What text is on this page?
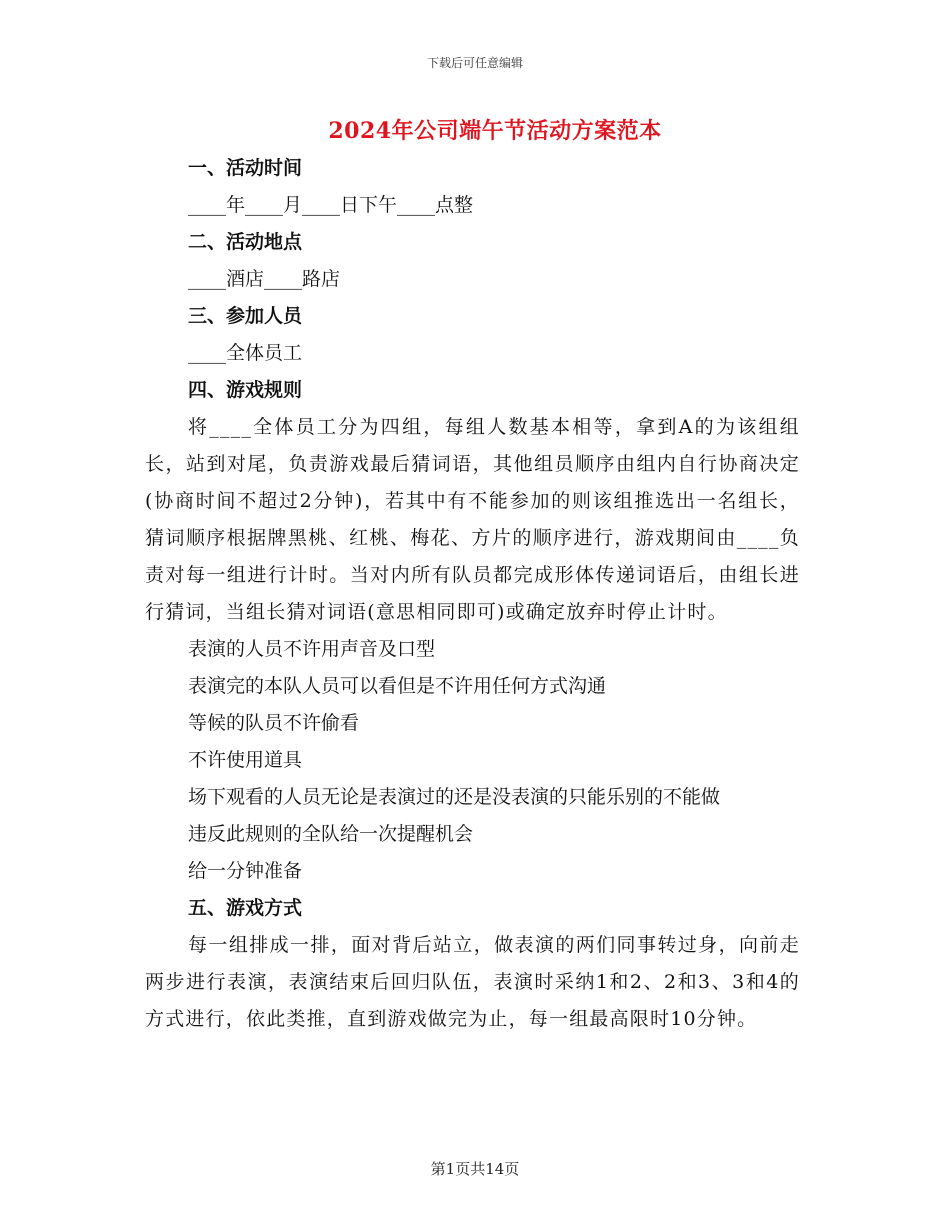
下载后可任意编辑
2024年公司端午节活动方案范本
一、活动时间
____年____月____日下午____点整
二、活动地点
____酒店____路店
三、参加人员
____全体员工
四、游戏规则
将____全体员工分为四组，每组人数基本相等，拿到A的为该组组长，站到对尾，负责游戏最后猜词语，其他组员顺序由组内自行协商决定(协商时间不超过2分钟)，若其中有不能参加的则该组推选出一名组长，猜词顺序根据牌黑桃、红桃、梅花、方片的顺序进行，游戏期间由____负责对每一组进行计时。当对内所有队员都完成形体传递词语后，由组长进行猜词，当组长猜对词语(意思相同即可)或确定放弃时停止计时。
表演的人员不许用声音及口型
表演完的本队人员可以看但是不许用任何方式沟通
等候的队员不许偷看
不许使用道具
场下观看的人员无论是表演过的还是没表演的只能乐别的不能做
违反此规则的全队给一次提醒机会
给一分钟准备
五、游戏方式
每一组排成一排，面对背后站立，做表演的两们同事转过身，向前走两步进行表演，表演结束后回归队伍，表演时采纳1和2、2和3、3和4的方式进行，依此类推，直到游戏做完为止，每一组最高限时10分钟。
第1页共14页
